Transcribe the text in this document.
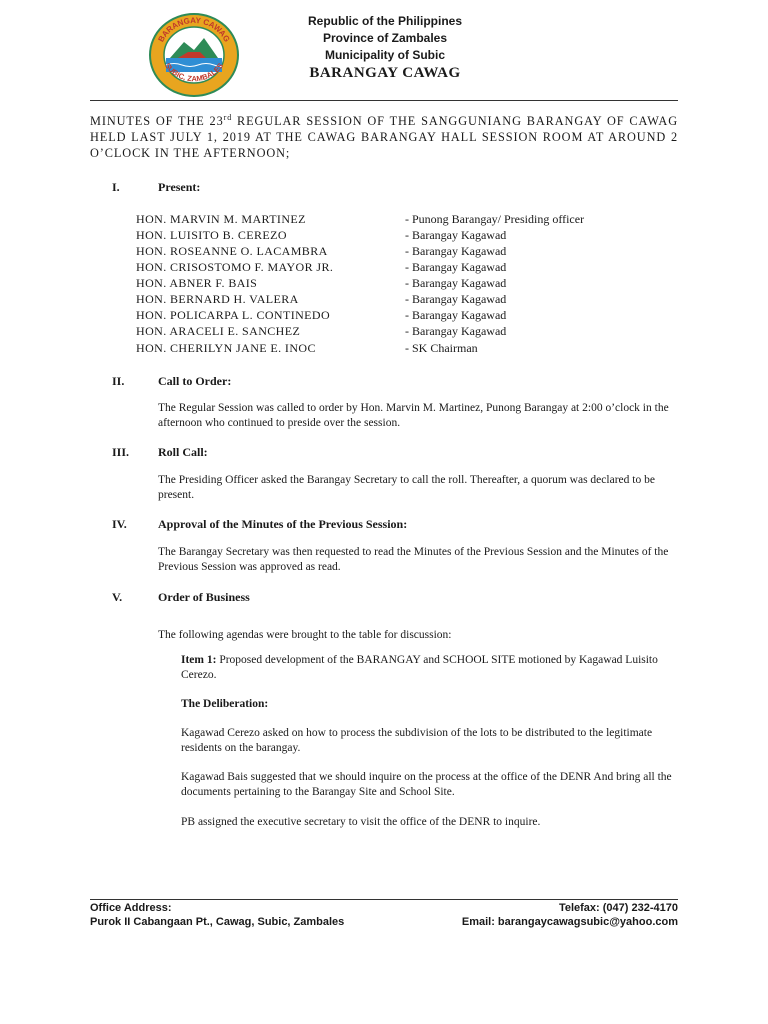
BARANGAY CAWAG
SUBIC, ZAMBALES
Republic of the Philippines
Province of Zambales
Municipality of Subic
BARANGAY CAWAG
MINUTES OF THE 23rd REGULAR SESSION OF THE SANGGUNIANG BARANGAY OF CAWAG HELD LAST JULY 1, 2019 AT THE CAWAG BARANGAY HALL SESSION ROOM AT AROUND 2 O’CLOCK IN THE AFTERNOON;
I.	Present:
HON. MARVIN M. MARTINEZ	- Punong Barangay/ Presiding officer
HON. LUISITO B. CEREZO	- Barangay Kagawad
HON. ROSEANNE O. LACAMBRA	- Barangay Kagawad
HON. CRISOSTOMO F. MAYOR JR.	- Barangay Kagawad
HON. ABNER F. BAIS	- Barangay Kagawad
HON. BERNARD H. VALERA	- Barangay Kagawad
HON. POLICARPA L. CONTINEDO	- Barangay Kagawad
HON. ARACELI E. SANCHEZ	- Barangay Kagawad
HON. CHERILYN JANE E. INOC	- SK Chairman
II.	Call to Order:
The Regular Session was called to order by Hon. Marvin M. Martinez, Punong Barangay at 2:00 o’clock in the afternoon who continued to preside over the session.
III. Roll Call:
The Presiding Officer asked the Barangay Secretary to call the roll. Thereafter, a quorum was declared to be present.
IV.	Approval of the Minutes of the Previous Session:
The Barangay Secretary was then requested to read the Minutes of the Previous Session and the Minutes of the Previous Session was approved as read.
V.	Order of Business
The following agendas were brought to the table for discussion:
Item 1: Proposed development of the BARANGAY and SCHOOL SITE motioned by Kagawad Luisito Cerezo.
The Deliberation:
Kagawad Cerezo asked on how to process the subdivision of the lots to be distributed to the legitimate residents on the barangay.
Kagawad Bais suggested that we should inquire on the process at the office of the DENR And bring all the documents pertaining to the Barangay Site and School Site.
PB assigned the executive secretary to visit the office of the DENR to inquire.
Office Address:
Purok II Cabangaan Pt., Cawag, Subic, Zambales
Telefax: (047) 232-4170
Email: barangaycawagsubic@yahoo.com
